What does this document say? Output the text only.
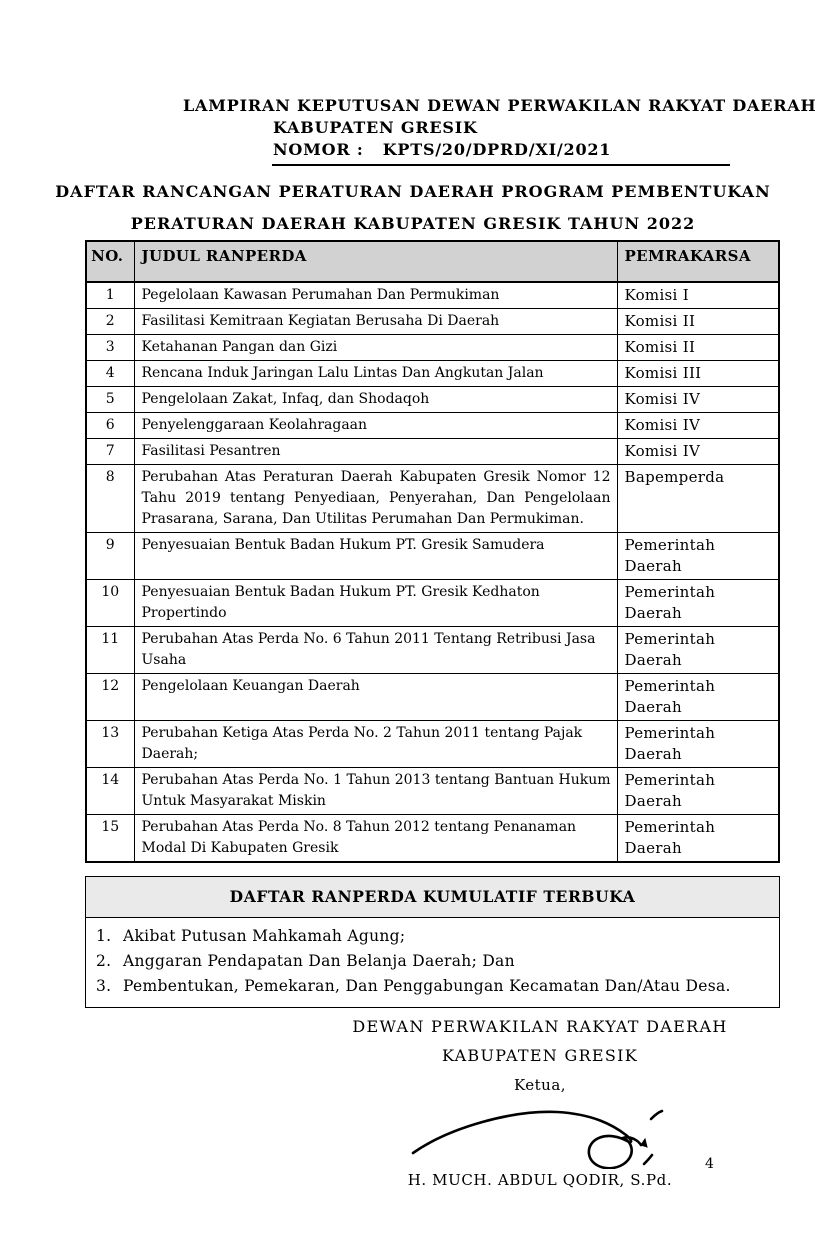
LAMPIRAN KEPUTUSAN DEWAN PERWAKILAN RAKYAT DAERAH
KABUPATEN GRESIK
NOMOR :   KPTS/20/DPRD/XI/2021
DAFTAR RANCANGAN PERATURAN DAERAH PROGRAM PEMBENTUKAN
PERATURAN DAERAH KABUPATEN GRESIK TAHUN 2022
NO.	JUDUL RANPERDA	PEMRAKARSA
1	Pegelolaan Kawasan Perumahan Dan Permukiman	Komisi I
2	Fasilitasi Kemitraan Kegiatan Berusaha Di Daerah	Komisi II
3	Ketahanan Pangan dan Gizi	Komisi II
4	Rencana Induk Jaringan Lalu Lintas Dan Angkutan Jalan	Komisi III
5	Pengelolaan Zakat, Infaq, dan Shodaqoh	Komisi IV
6	Penyelenggaraan Keolahragaan	Komisi IV
7	Fasilitasi Pesantren	Komisi IV
8	Perubahan Atas Peraturan Daerah Kabupaten Gresik Nomor 12 Tahu 2019 tentang Penyediaan, Penyerahan, Dan Pengelolaan Prasarana, Sarana, Dan Utilitas Perumahan Dan Permukiman.	Bapemperda
9	Penyesuaian Bentuk Badan Hukum PT. Gresik Samudera	Pemerintah Daerah
10	Penyesuaian Bentuk Badan Hukum PT. Gresik Kedhaton Propertindo	Pemerintah Daerah
11	Perubahan Atas Perda No. 6 Tahun 2011 Tentang Retribusi Jasa Usaha	Pemerintah Daerah
12	Pengelolaan Keuangan Daerah	Pemerintah Daerah
13	Perubahan Ketiga Atas Perda No. 2 Tahun 2011 tentang Pajak Daerah;	Pemerintah Daerah
14	Perubahan Atas Perda No. 1 Tahun 2013 tentang Bantuan Hukum Untuk Masyarakat Miskin	Pemerintah Daerah
15	Perubahan Atas Perda No. 8 Tahun 2012 tentang Penanaman Modal Di Kabupaten Gresik	Pemerintah Daerah
DAFTAR RANPERDA KUMULATIF TERBUKA
1. Akibat Putusan Mahkamah Agung;
2. Anggaran Pendapatan Dan Belanja Daerah; Dan
3. Pembentukan, Pemekaran, Dan Penggabungan Kecamatan Dan/Atau Desa.
DEWAN PERWAKILAN RAKYAT DAERAH
KABUPATEN GRESIK
Ketua,
H. MUCH. ABDUL QODIR, S.Pd.
4
